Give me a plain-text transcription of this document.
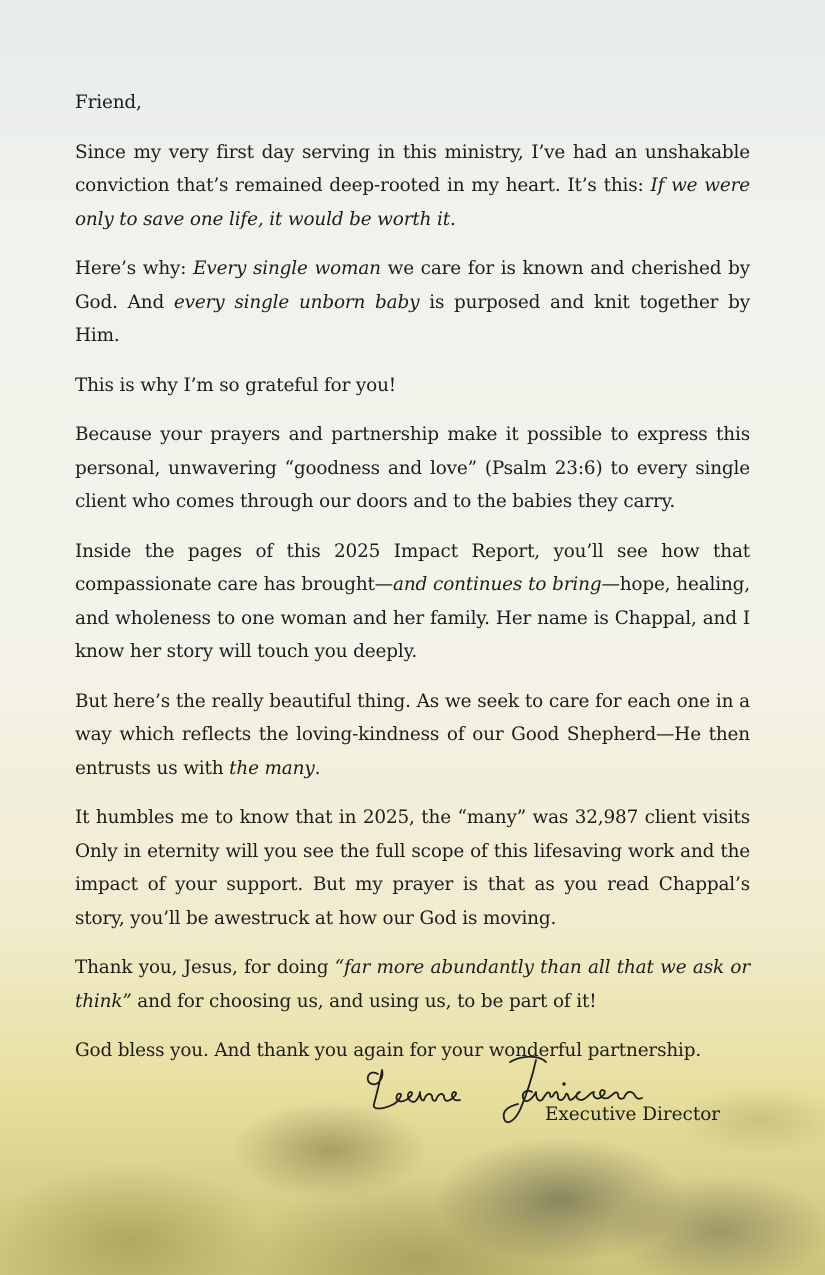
Friend,

Since my very first day serving in this ministry, I’ve had an unshakable conviction that’s remained deep-rooted in my heart. It’s this: If we were only to save one life, it would be worth it.

Here’s why: Every single woman we care for is known and cherished by God. And every single unborn baby is purposed and knit together by Him.

This is why I’m so grateful for you!

Because your prayers and partnership make it possible to express this personal, unwavering “goodness and love” (Psalm 23:6) to every single client who comes through our doors and to the babies they carry.

Inside the pages of this 2025 Impact Report, you’ll see how that compassionate care has brought—and continues to bring—hope, healing, and wholeness to one woman and her family. Her name is Chappal, and I know her story will touch you deeply.

But here’s the really beautiful thing. As we seek to care for each one in a way which reflects the loving-kindness of our Good Shepherd—He then entrusts us with the many.

It humbles me to know that in 2025, the “many” was 32,987 client visits Only in eternity will you see the full scope of this lifesaving work and the impact of your support. But my prayer is that as you read Chappal’s story, you’ll be awestruck at how our God is moving.

Thank you, Jesus, for doing “far more abundantly than all that we ask or think” and for choosing us, and using us, to be part of it!

God bless you. And thank you again for your wonderful partnership.

Executive Director
